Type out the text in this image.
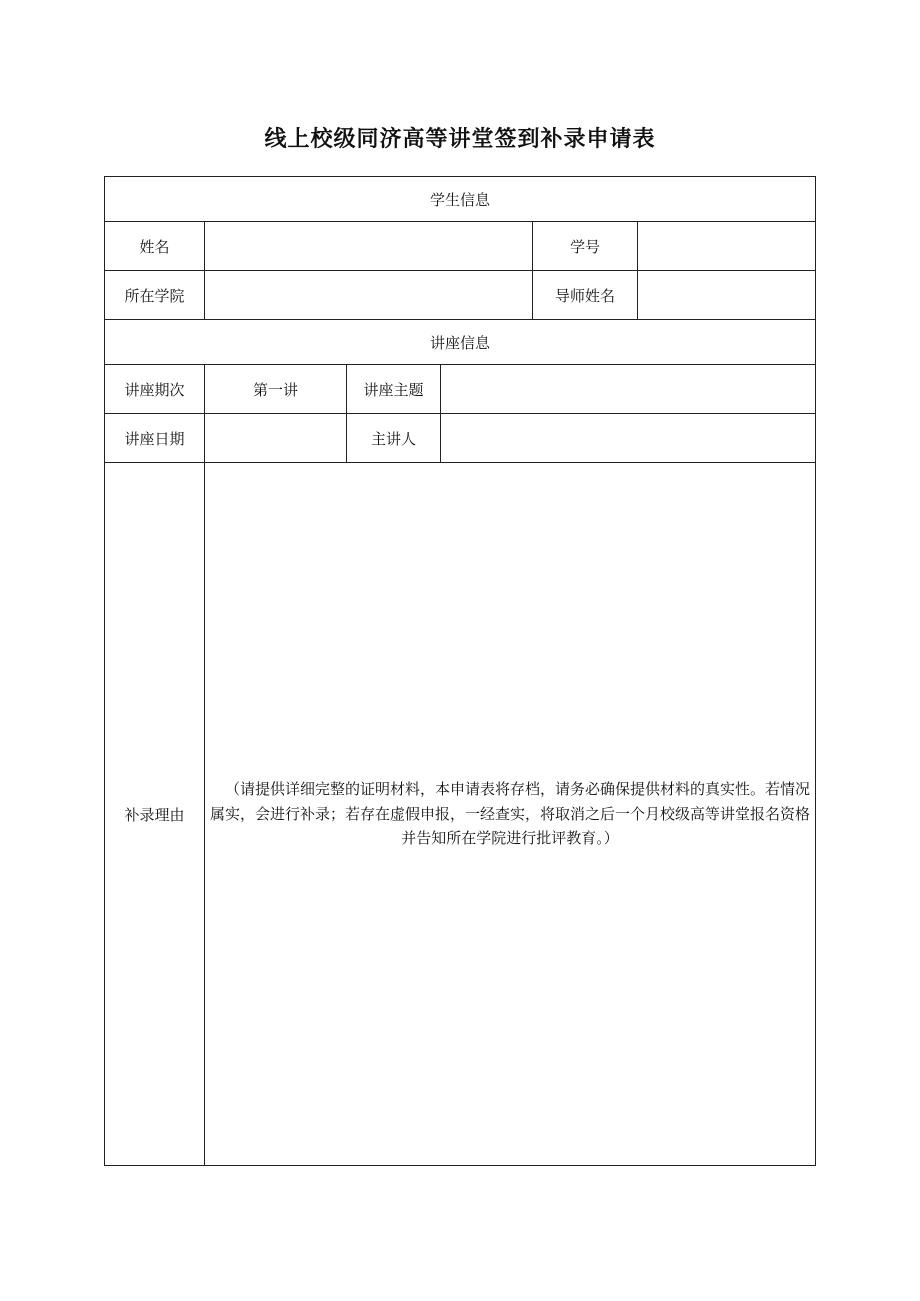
线上校级同济高等讲堂签到补录申请表
学生信息					
姓名				学号	
所在学院				导师姓名	
讲座信息					
讲座期次	第一讲	讲座主题			
讲座日期		主讲人			
补录理由	（请提供详细完整的证明材料，本申请表将存档，请务必确保提供材料的真实性。若情况属实，会进行补录；若存在虚假申报，一经查实，将取消之后一个月校级高等讲堂报名资格并告知所在学院进行批评教育。）				
